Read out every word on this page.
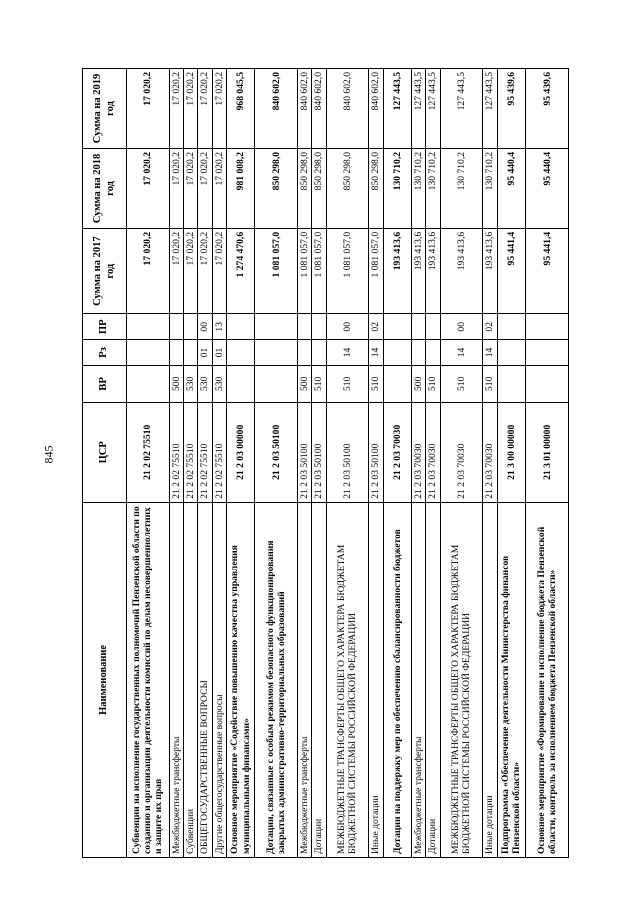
845
Наименование	ЦСР	ВР	Рз	ПР	Сумма на 2017 год	Сумма на 2018 год	Сумма на 2019 год
Субвенции на исполнение государственных полномочий Пензенской области по созданию и организации деятельности комиссий по делам несовершеннолетних и защите их прав	21 2 02 75510				17 020,2	17 020,2	17 020,2
Межбюджетные трансферты	21 2 02 75510	500			17 020,2	17 020,2	17 020,2
Субвенции	21 2 02 75510	530			17 020,2	17 020,2	17 020,2
ОБЩЕГОСУДАРСТВЕННЫЕ ВОПРОСЫ	21 2 02 75510	530	01	00	17 020,2	17 020,2	17 020,2
Другие общегосударственные вопросы	21 2 02 75510	530	01	13	17 020,2	17 020,2	17 020,2
Основное мероприятие «Содействие повышению качества управления муниципальными финансами»	21 2 03 00000				1 274 470,6	981 008,2	968 045,5
Дотации, связанные с особым режимом безопасного функционирования закрытых административно-территориальных образований	21 2 03 50100				1 081 057,0	850 298,0	840 602,0
Межбюджетные трансферты	21 2 03 50100	500			1 081 057,0	850 298,0	840 602,0
Дотации	21 2 03 50100	510			1 081 057,0	850 298,0	840 602,0
МЕЖБЮДЖЕТНЫЕ ТРАНСФЕРТЫ ОБЩЕГО ХАРАКТЕРА БЮДЖЕТАМ БЮДЖЕТНОЙ СИСТЕМЫ РОССИЙСКОЙ ФЕДЕРАЦИИ	21 2 03 50100	510	14	00	1 081 057,0	850 298,0	840 602,0
Иные дотации	21 2 03 50100	510	14	02	1 081 057,0	850 298,0	840 602,0
Дотации на поддержку мер по обеспечению сбалансированности бюджетов	21 2 03 70030				193 413,6	130 710,2	127 443,5
Межбюджетные трансферты	21 2 03 70030	500			193 413,6	130 710,2	127 443,5
Дотации	21 2 03 70030	510			193 413,6	130 710,2	127 443,5
МЕЖБЮДЖЕТНЫЕ ТРАНСФЕРТЫ ОБЩЕГО ХАРАКТЕРА БЮДЖЕТАМ БЮДЖЕТНОЙ СИСТЕМЫ РОССИЙСКОЙ ФЕДЕРАЦИИ	21 2 03 70030	510	14	00	193 413,6	130 710,2	127 443,5
Иные дотации	21 2 03 70030	510	14	02	193 413,6	130 710,2	127 443,5
Подпрограмма «Обеспечение деятельности Министерства финансов Пензенской области»	21 3 00 00000				95 441,4	95 440,4	95 439,6
Основное мероприятие «Формирование и исполнение бюджета Пензенской области, контроль за исполнением бюджета Пензенской области»	21 3 01 00000				95 441,4	95 440,4	95 439,6
